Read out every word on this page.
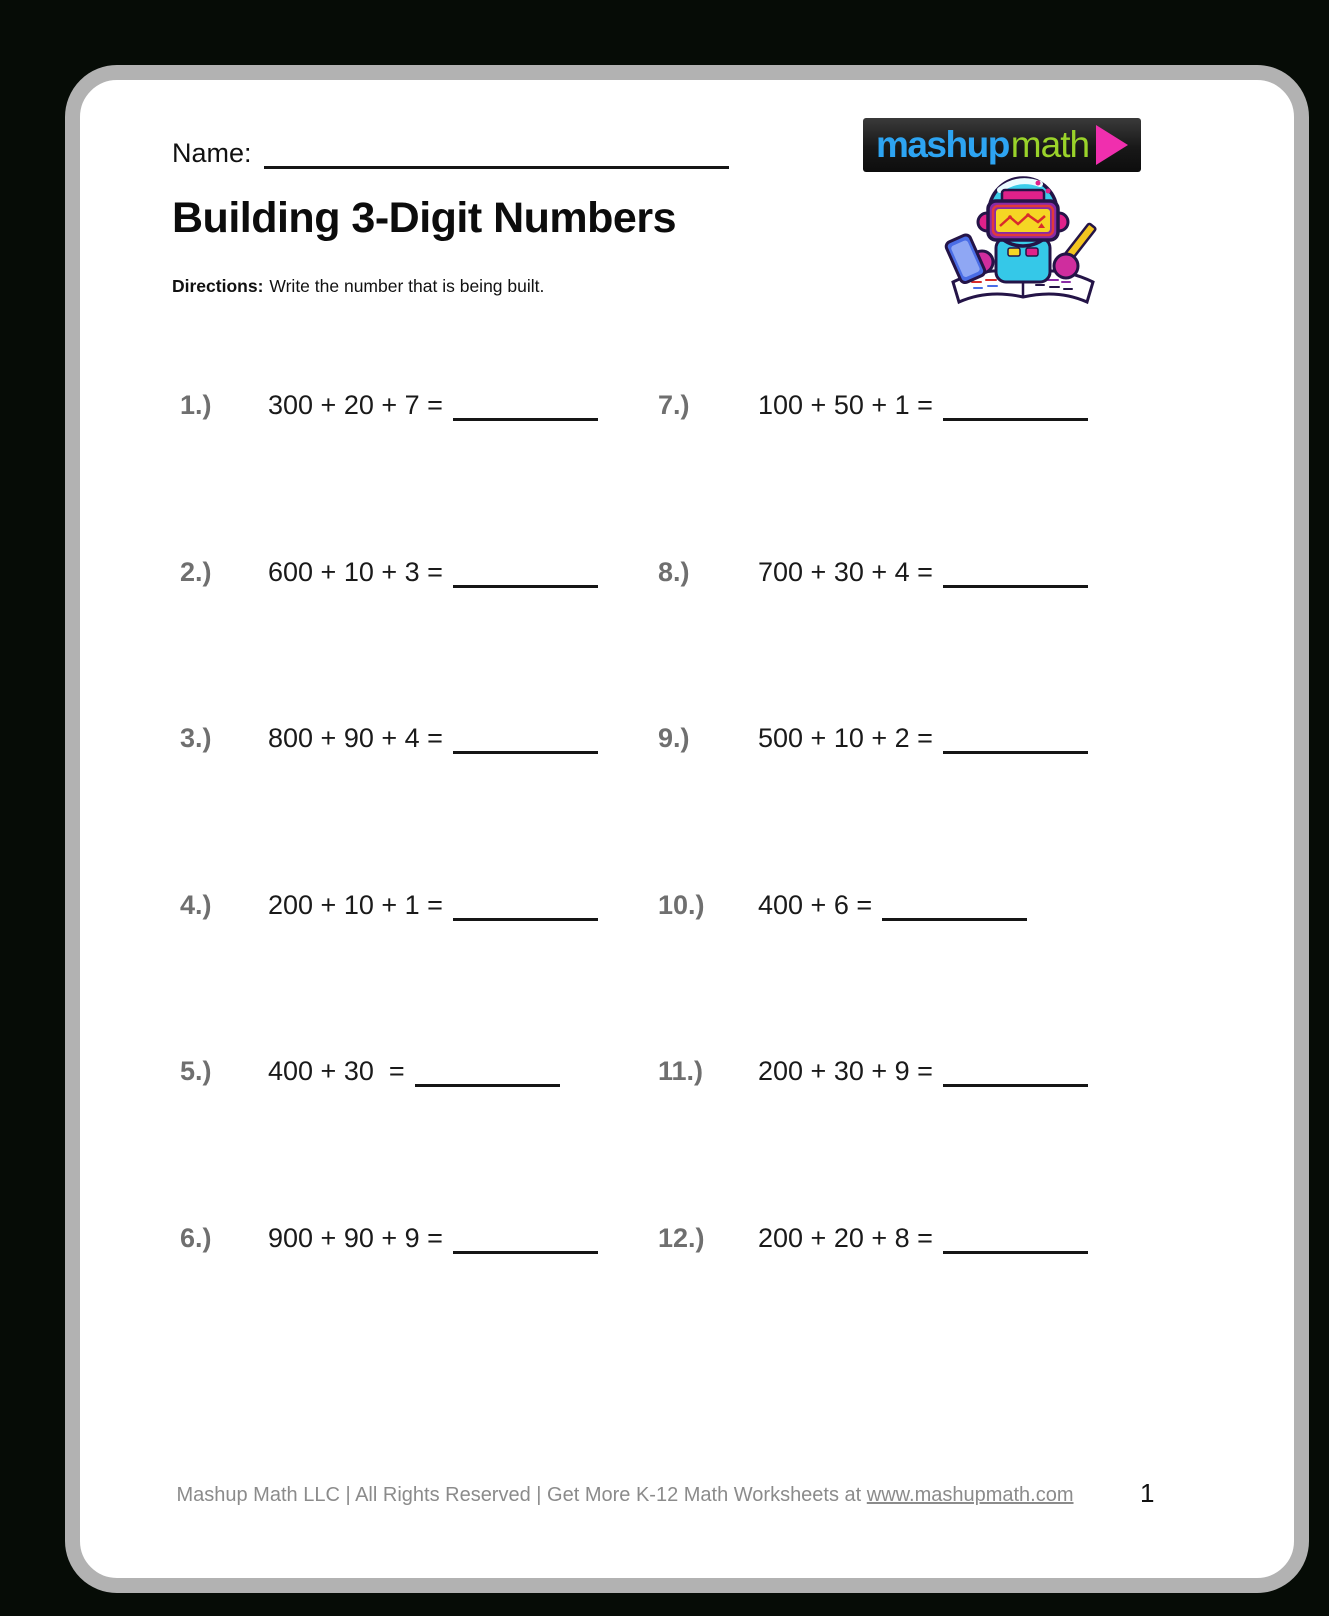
Name:	mashup math
Building 3-Digit Numbers
Directions: Write the number that is being built.
1.)	300 + 20 + 7 =	7.)	100 + 50 + 1 =
2.)	600 + 10 + 3 =	8.)	700 + 30 + 4 =
3.)	800 + 90 + 4 =	9.)	500 + 10 + 2 =
4.)	200 + 10 + 1 =	10.)	400 + 6 =
5.)	400 + 30  =	11.)	200 + 30 + 9 =
6.)	900 + 90 + 9 =	12.)	200 + 20 + 8 =
Mashup Math LLC | All Rights Reserved | Get More K-12 Math Worksheets at www.mashupmath.com	1
